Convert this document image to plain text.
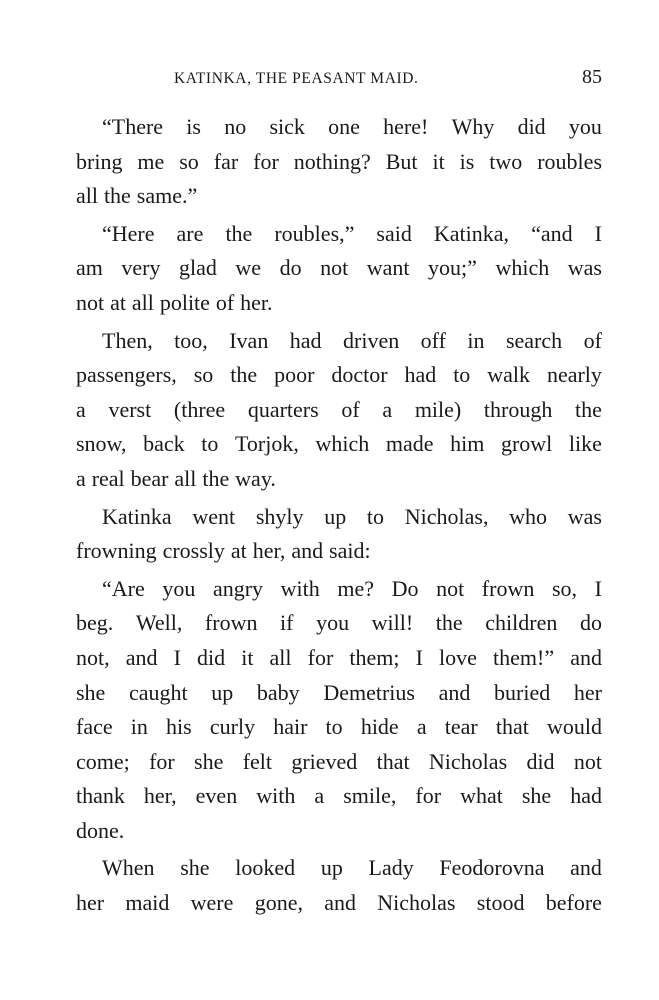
KATINKA, THE PEASANT MAID.	85
“There is no sick one here! Why did you
bring me so far for nothing? But it is two roubles
all the same.”
“Here are the roubles,” said Katinka, “and I
am very glad we do not want you;” which was
not at all polite of her.
Then, too, Ivan had driven off in search of
passengers, so the poor doctor had to walk nearly
a verst (three quarters of a mile) through the
snow, back to Torjok, which made him growl like
a real bear all the way.
Katinka went shyly up to Nicholas, who was
frowning crossly at her, and said:
“Are you angry with me? Do not frown so, I
beg. Well, frown if you will! the children do
not, and I did it all for them; I love them!” and
she caught up baby Demetrius and buried her
face in his curly hair to hide a tear that would
come; for she felt grieved that Nicholas did not
thank her, even with a smile, for what she had
done.
When she looked up Lady Feodorovna and
her maid were gone, and Nicholas stood before
